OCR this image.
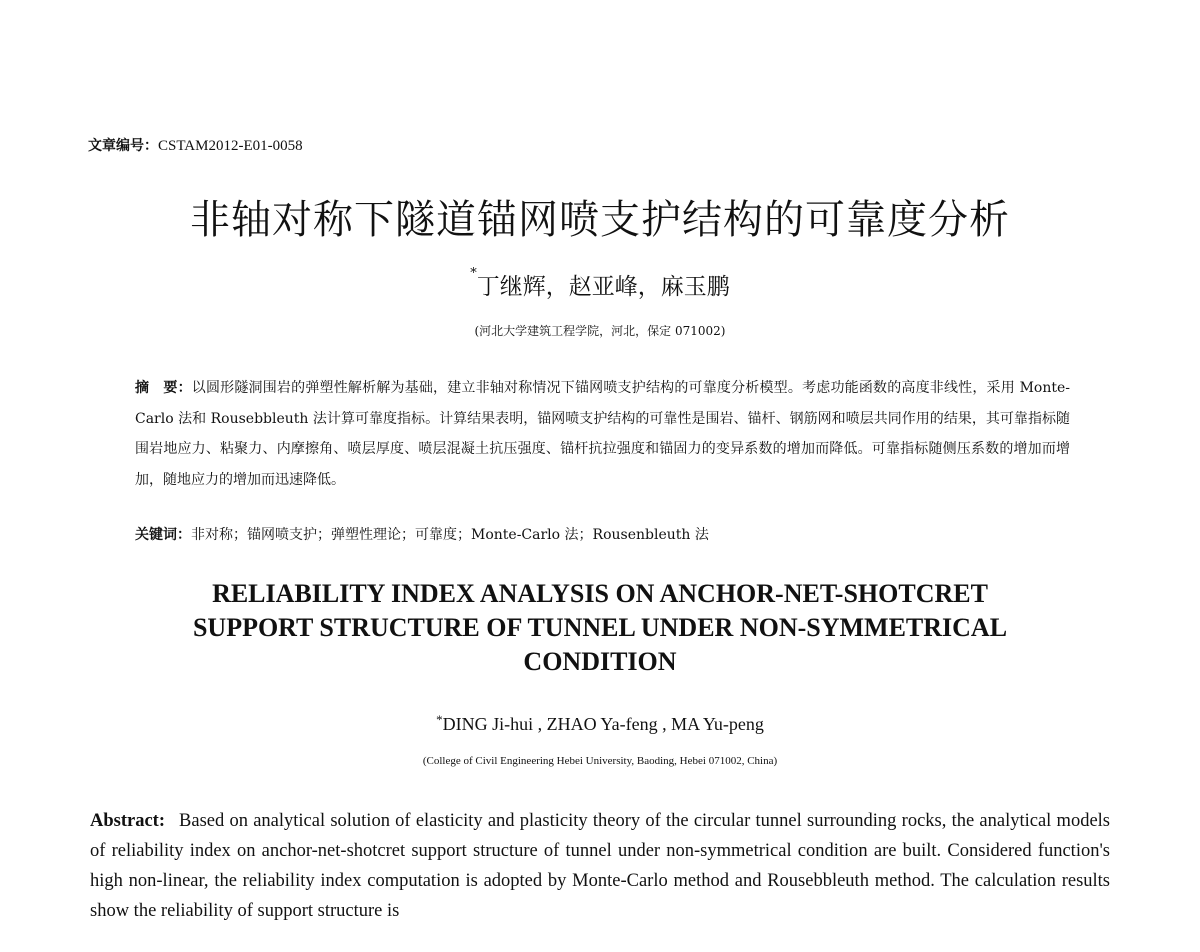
文章编号：CSTAM2012-E01-0058
非轴对称下隧道锚网喷支护结构的可靠度分析
*丁继辉，赵亚峰，麻玉鹏
(河北大学建筑工程学院，河北，保定 071002)
摘　要：以圆形隧洞围岩的弹塑性解析解为基础，建立非轴对称情况下锚网喷支护结构的可靠度分析模型。考虑功能函数的高度非线性，采用 Monte-Carlo 法和 Rousebbleuth 法计算可靠度指标。计算结果表明，锚网喷支护结构的可靠性是围岩、锚杆、钢筋网和喷层共同作用的结果，其可靠指标随围岩地应力、粘聚力、内摩擦角、喷层厚度、喷层混凝土抗压强度、锚杆抗拉强度和锚固力的变异系数的增加而降低。可靠指标随侧压系数的增加而增加，随地应力的增加而迅速降低。
关键词：非对称；锚网喷支护；弹塑性理论；可靠度；Monte-Carlo 法；Rousenbleuth 法
RELIABILITY INDEX ANALYSIS ON ANCHOR-NET-SHOTCRET
SUPPORT STRUCTURE OF TUNNEL UNDER NON-SYMMETRICAL
CONDITION
*DING Ji-hui , ZHAO Ya-feng , MA Yu-peng
(College of Civil Engineering Hebei University, Baoding, Hebei 071002, China)
Abstract: Based on analytical solution of elasticity and plasticity theory of the circular tunnel surrounding rocks, the analytical models of reliability index on anchor-net-shotcret support structure of tunnel under non-symmetrical condition are built. Considered function's high non-linear, the reliability index computation is adopted by Monte-Carlo method and Rousebbleuth method. The calculation results show the reliability of support structure is
